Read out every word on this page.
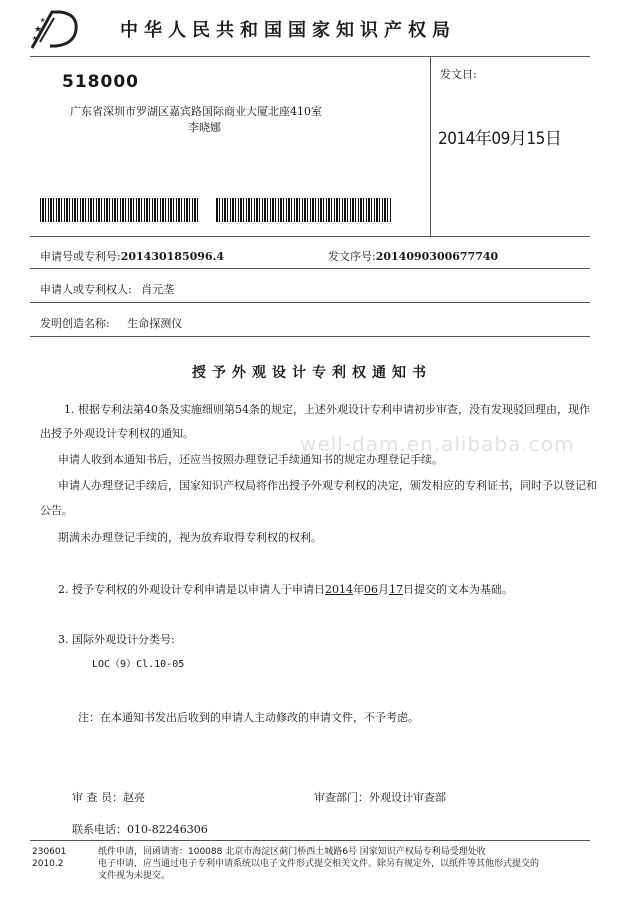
★
★
★	中华人民共和国国家知识产权局
518000
广东省深圳市罗湖区嘉宾路国际商业大厦北座410室
李晓娜
发文日:
2014年09月15日
申请号或专利号:201430185096.4	发文序号:2014090300677740
申请人或专利权人: 肖元垄
发明创造名称: 生命探测仪
授予外观设计专利权通知书
1. 根据专利法第40条及实施细则第54条的规定，上述外观设计专利申请初步审查，没有发现驳回理由，现作
出授予外观设计专利权的通知。
申请人收到本通知书后，还应当按照办理登记手续通知书的规定办理登记手续。
申请人办理登记手续后，国家知识产权局将作出授予外观专利权的决定，颁发相应的专利证书，同时予以登记和
公告。
期满未办理登记手续的，视为放弃取得专利权的权利。
2. 授予专利权的外观设计专利申请是以申请人于申请日2014年06月17日提交的文本为基础。
3. 国际外观设计分类号:
LOC（9）Cl.10-05
注：在本通知书发出后收到的申请人主动修改的申请文件，不予考虑。
审 查 员：赵亮	审查部门：外观设计审查部
联系电话：010-82246306
230601
2010.2
纸件申请，回函请寄：100088 北京市海淀区蓟门桥西土城路6号 国家知识产权局专利局受理处收
电子申请，应当通过电子专利申请系统以电子文件形式提交相关文件。除另有规定外，以纸件等其他形式提交的
文件视为未提交。
well-dam.en.alibaba.com
